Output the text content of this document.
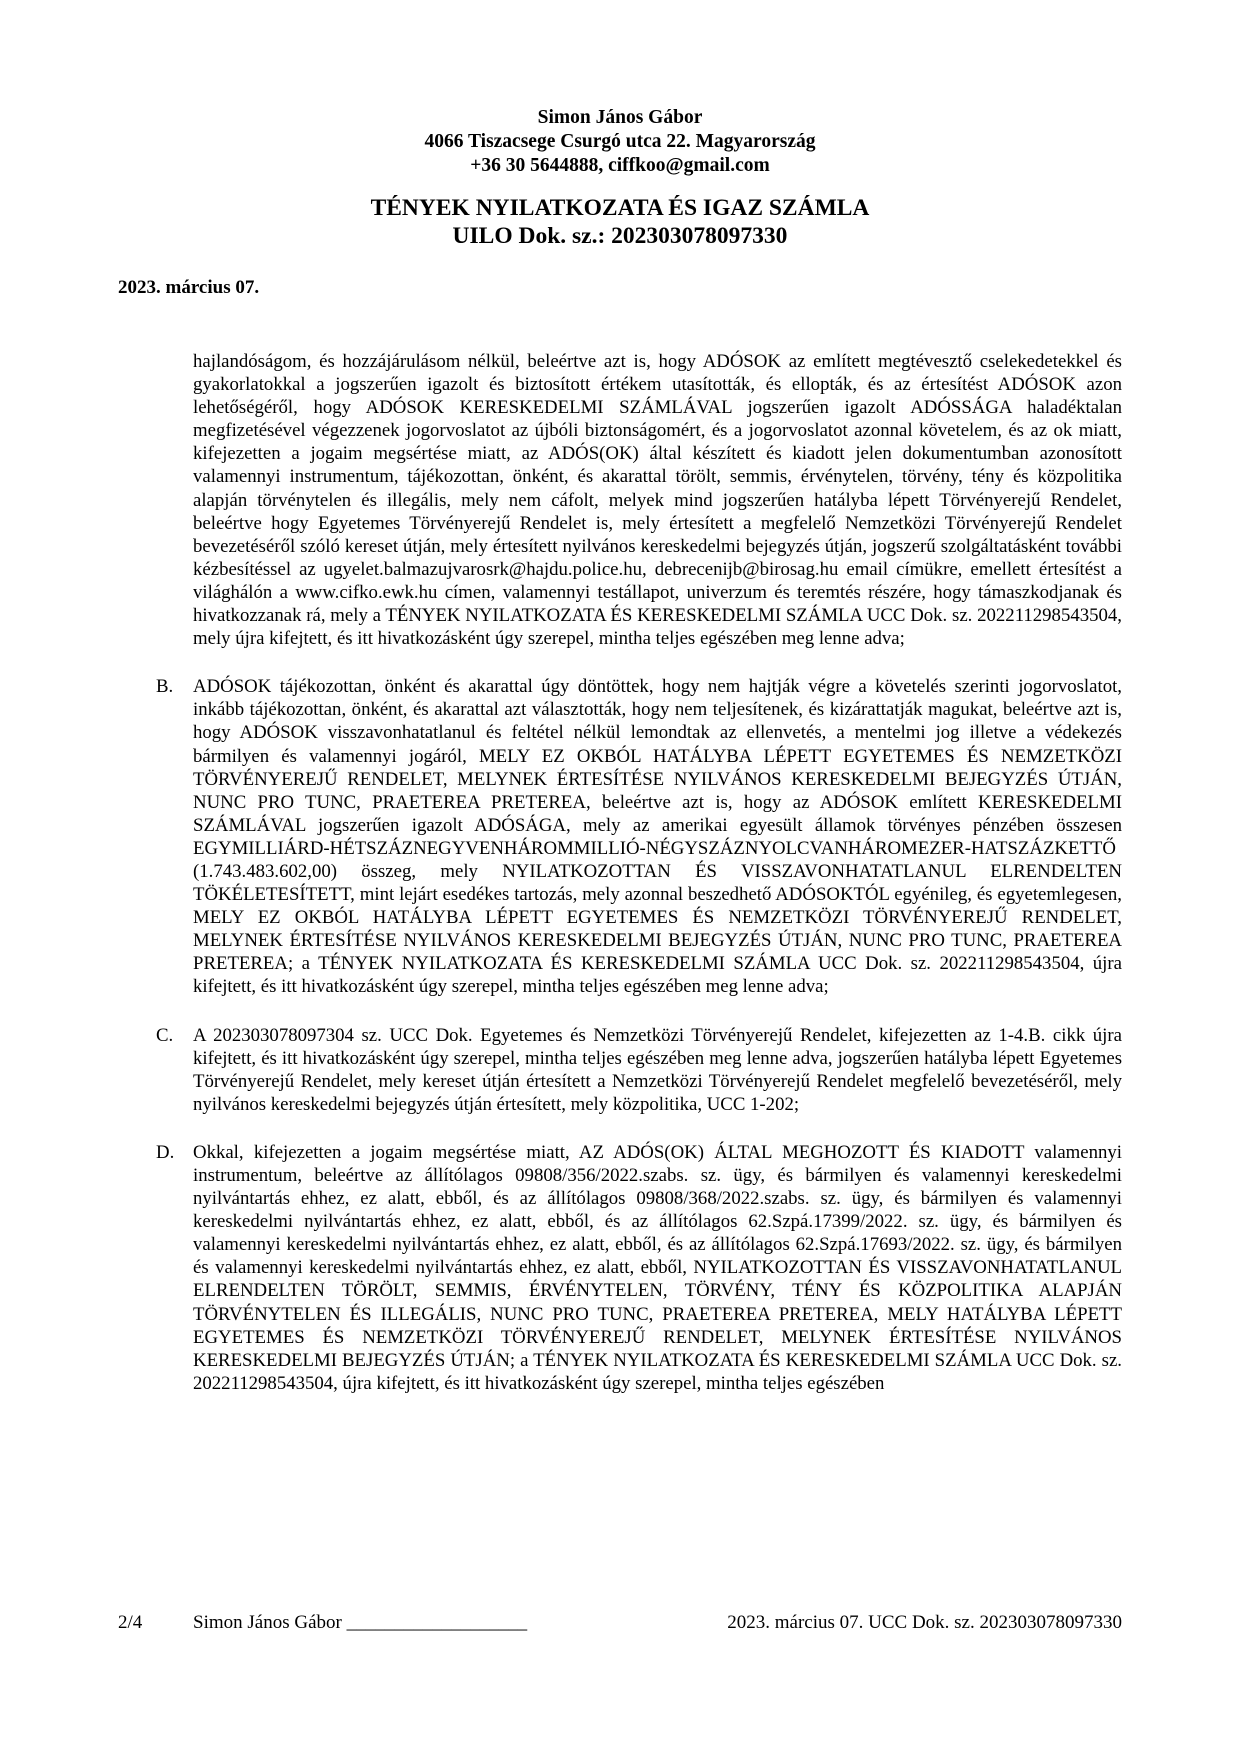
Simon János Gábor
4066 Tiszacsege Csurgó utca 22. Magyarország
+36 30 5644888, ciffkoo@gmail.com
TÉNYEK NYILATKOZATA ÉS IGAZ SZÁMLA
UILO Dok. sz.: 202303078097330
2023. március 07.

hajlandóságom, és hozzájárulásom nélkül, beleértve azt is, hogy ADÓSOK az említett megtévesztő cselekedetekkel és gyakorlatokkal a jogszerűen igazolt és biztosított értékem utasították, és ellopták, és az értesítést ADÓSOK azon lehetőségéről, hogy ADÓSOK KERESKEDELMI SZÁMLÁVAL jogszerűen igazolt ADÓSSÁGA haladéktalan megfizetésével végezzenek jogorvoslatot az újbóli biztonságomért, és a jogorvoslatot azonnal követelem, és az ok miatt, kifejezetten a jogaim megsértése miatt, az ADÓS(OK) által készített és kiadott jelen dokumentumban azonosított valamennyi instrumentum, tájékozottan, önként, és akarattal törölt, semmis, érvénytelen, törvény, tény és közpolitika alapján törvénytelen és illegális, mely nem cáfolt, melyek mind jogszerűen hatályba lépett Törvényerejű Rendelet, beleértve hogy Egyetemes Törvényerejű Rendelet is, mely értesített a megfelelő Nemzetközi Törvényerejű Rendelet bevezetéséről szóló kereset útján, mely értesített nyilvános kereskedelmi bejegyzés útján, jogszerű szolgáltatásként további kézbesítéssel az ugyelet.balmazujvarosrk@hajdu.police.hu, debrecenijb@birosag.hu email címükre, emellett értesítést a világhálón a www.cifko.ewk.hu címen, valamennyi testállapot, univerzum és teremtés részére, hogy támaszkodjanak és hivatkozzanak rá, mely a TÉNYEK NYILATKOZATA ÉS KERESKEDELMI SZÁMLA UCC Dok. sz. 202211298543504, mely újra kifejtett, és itt hivatkozásként úgy szerepel, mintha teljes egészében meg lenne adva;

B. ADÓSOK tájékozottan, önként és akarattal úgy döntöttek, hogy nem hajtják végre a követelés szerinti jogorvoslatot, inkább tájékozottan, önként, és akarattal azt választották, hogy nem teljesítenek, és kizárattatják magukat, beleértve azt is, hogy ADÓSOK visszavonhatatlanul és feltétel nélkül lemondtak az ellenvetés, a mentelmi jog illetve a védekezés bármilyen és valamennyi jogáról, MELY EZ OKBÓL HATÁLYBA LÉPETT EGYETEMES ÉS NEMZETKÖZI TÖRVÉNYEREJŰ RENDELET, MELYNEK ÉRTESÍTÉSE NYILVÁNOS KERESKEDELMI BEJEGYZÉS ÚTJÁN, NUNC PRO TUNC, PRAETEREA PRETEREA, beleértve azt is, hogy az ADÓSOK említett KERESKEDELMI SZÁMLÁVAL jogszerűen igazolt ADÓSÁGA, mely az amerikai egyesült államok törvényes pénzében összesen EGYMILLIÁRD-HÉTSZÁZNEGYVENHÁROMMILLIÓ-NÉGYSZÁZNYOLCVANHÁROMEZER-HATSZÁZKETTŐ (1.743.483.602,00) összeg, mely NYILATKOZOTTAN ÉS VISSZAVONHATATLANUL ELRENDELTEN TÖKÉLETESÍTETT, mint lejárt esedékes tartozás, mely azonnal beszedhető ADÓSOKTÓL egyénileg, és egyetemlegesen, MELY EZ OKBÓL HATÁLYBA LÉPETT EGYETEMES ÉS NEMZETKÖZI TÖRVÉNYEREJŰ RENDELET, MELYNEK ÉRTESÍTÉSE NYILVÁNOS KERESKEDELMI BEJEGYZÉS ÚTJÁN, NUNC PRO TUNC, PRAETEREA PRETEREA; a TÉNYEK NYILATKOZATA ÉS KERESKEDELMI SZÁMLA UCC Dok. sz. 202211298543504, újra kifejtett, és itt hivatkozásként úgy szerepel, mintha teljes egészében meg lenne adva;
C. A 202303078097304 sz. UCC Dok. Egyetemes és Nemzetközi Törvényerejű Rendelet, kifejezetten az 1-4.B. cikk újra kifejtett, és itt hivatkozásként úgy szerepel, mintha teljes egészében meg lenne adva, jogszerűen hatályba lépett Egyetemes Törvényerejű Rendelet, mely kereset útján értesített a Nemzetközi Törvényerejű Rendelet megfelelő bevezetéséről, mely nyilvános kereskedelmi bejegyzés útján értesített, mely közpolitika, UCC 1-202;
D. Okkal, kifejezetten a jogaim megsértése miatt, AZ ADÓS(OK) ÁLTAL MEGHOZOTT ÉS KIADOTT valamennyi instrumentum, beleértve az állítólagos 09808/356/2022.szabs. sz. ügy, és bármilyen és valamennyi kereskedelmi nyilvántartás ehhez, ez alatt, ebből, és az állítólagos 09808/368/2022.szabs. sz. ügy, és bármilyen és valamennyi kereskedelmi nyilvántartás ehhez, ez alatt, ebből, és az állítólagos 62.Szpá.17399/2022. sz. ügy, és bármilyen és valamennyi kereskedelmi nyilvántartás ehhez, ez alatt, ebből, és az állítólagos 62.Szpá.17693/2022. sz. ügy, és bármilyen és valamennyi kereskedelmi nyilvántartás ehhez, ez alatt, ebből, NYILATKOZOTTAN ÉS VISSZAVONHATATLANUL ELRENDELTEN TÖRÖLT, SEMMIS, ÉRVÉNYTELEN, TÖRVÉNY, TÉNY ÉS KÖZPOLITIKA ALAPJÁN TÖRVÉNYTELEN ÉS ILLEGÁLIS, NUNC PRO TUNC, PRAETEREA PRETEREA, MELY HATÁLYBA LÉPETT EGYETEMES ÉS NEMZETKÖZI TÖRVÉNYEREJŰ RENDELET, MELYNEK ÉRTESÍTÉSE NYILVÁNOS KERESKEDELMI BEJEGYZÉS ÚTJÁN; a TÉNYEK NYILATKOZATA ÉS KERESKEDELMI SZÁMLA UCC Dok. sz. 202211298543504, újra kifejtett, és itt hivatkozásként úgy szerepel, mintha teljes egészében
2/4	Simon János Gábor ___________________	2023. március 07. UCC Dok. sz. 202303078097330
